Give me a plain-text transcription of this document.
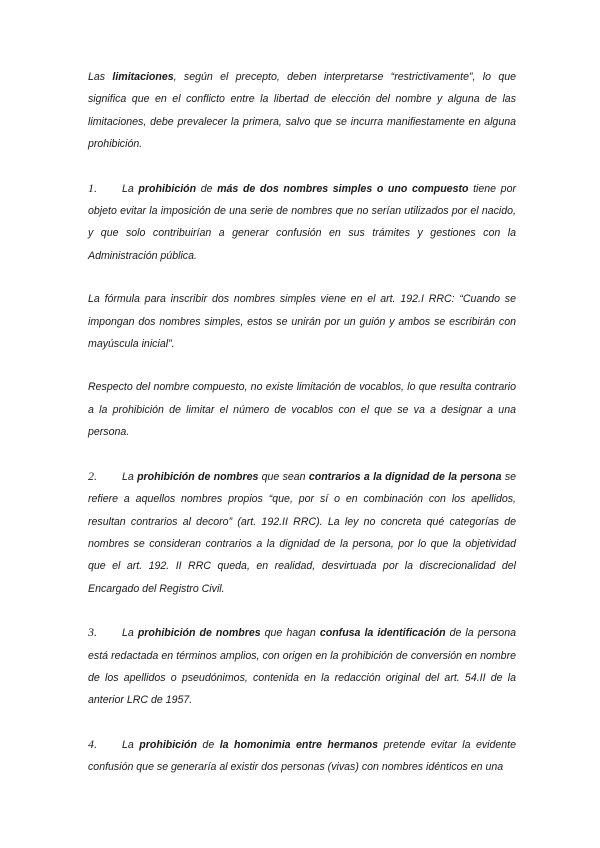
Las limitaciones, según el precepto, deben interpretarse “restrictivamente”, lo que significa que en el conflicto entre la libertad de elección del nombre y alguna de las limitaciones, debe prevalecer la primera, salvo que se incurra manifiestamente en alguna prohibición.

1. La prohibición de más de dos nombres simples o uno compuesto tiene por objeto evitar la imposición de una serie de nombres que no serían utilizados por el nacido, y que solo contribuirían a generar confusión en sus trámites y gestiones con la Administración pública.

La fórmula para inscribir dos nombres simples viene en el art. 192.I RRC: “Cuando se impongan dos nombres simples, estos se unirán por un guión y ambos se escribirán con mayúscula inicial”.

Respecto del nombre compuesto, no existe limitación de vocablos, lo que resulta contrario a la prohibición de limitar el número de vocablos con el que se va a designar a una persona.

2. La prohibición de nombres que sean contrarios a la dignidad de la persona se refiere a aquellos nombres propios “que, por sí o en combinación con los apellidos, resultan contrarios al decoro” (art. 192.II RRC). La ley no concreta qué categorías de nombres se consideran contrarios a la dignidad de la persona, por lo que la objetividad que el art. 192. II RRC queda, en realidad, desvirtuada por la discrecionalidad del Encargado del Registro Civil.

3. La prohibición de nombres que hagan confusa la identificación de la persona está redactada en términos amplios, con origen en la prohibición de conversión en nombre de los apellidos o pseudónimos, contenida en la redacción original del art. 54.II de la anterior LRC de 1957.

4. La prohibición de la homonimia entre hermanos pretende evitar la evidente confusión que se generaría al existir dos personas (vivas) con nombres idénticos en una
